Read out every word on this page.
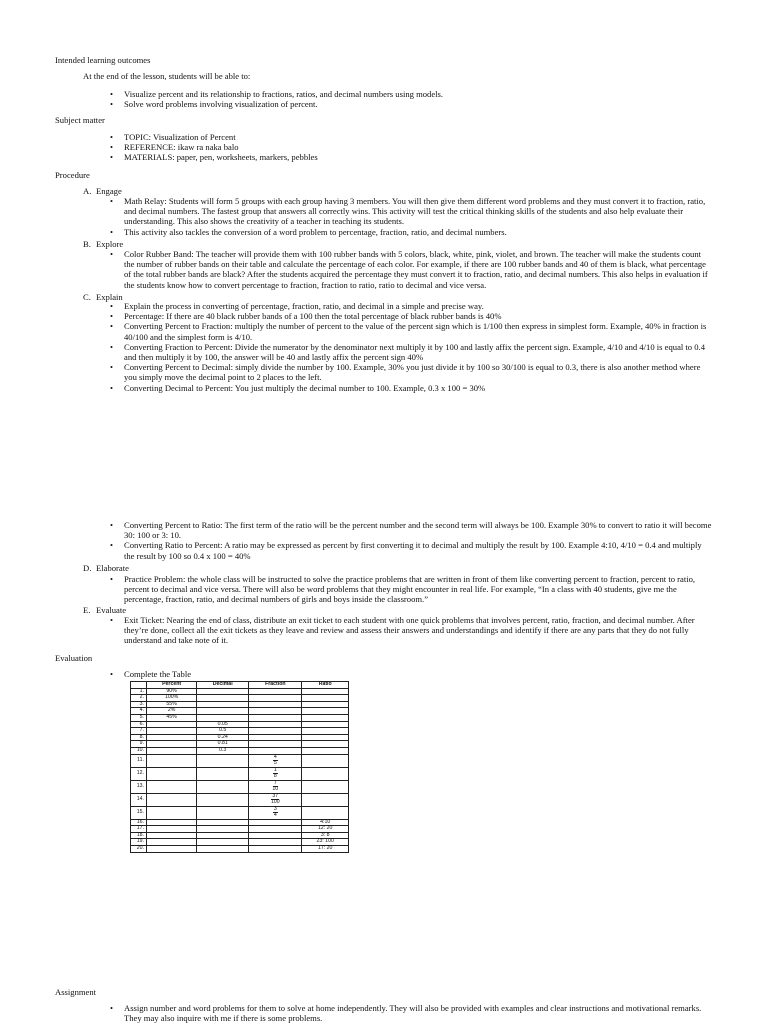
Intended learning outcomes
At the end of the lesson, students will be able to:

• Visualize percent and its relationship to fractions, ratios, and decimal numbers using models.

• Solve word problems involving visualization of percent.

Subject matter

• TOPIC: Visualization of Percent

• REFERENCE: ikaw ra naka balo

• MATERIALS: paper, pen, worksheets, markers, pebbles

Procedure
A. Engage

• Math Relay: Students will form 5 groups with each group having 3 members. You will then give them different word problems and they must convert it to fraction, ratio, and decimal numbers. The fastest group that answers all correctly wins. This activity will test the critical thinking skills of the students and also help evaluate their understanding. This also shows the creativity of a teacher in teaching its students.

• This activity also tackles the conversion of a word problem to percentage, fraction, ratio, and decimal numbers.

B. Explore

• Color Rubber Band: The teacher will provide them with 100 rubber bands with 5 colors, black, white, pink, violet, and brown. The teacher will make the students count the number of rubber bands on their table and calculate the percentage of each color. For example, if there are 100 rubber bands and 40 of them is black, what percentage of the total rubber bands are black? After the students acquired the percentage they must convert it to fraction, ratio, and decimal numbers. This also helps in evaluation if the students know how to convert percentage to fraction, fraction to ratio, ratio to decimal and vice versa.

C. Explain

• Explain the process in converting of percentage, fraction, ratio, and decimal in a simple and precise way.

• Percentage: If there are 40 black rubber bands of a 100 then the total percentage of black rubber bands is 40%

• Converting Percent to Fraction: multiply the number of percent to the value of the percent sign which is 1/100 then express in simplest form. Example, 40% in fraction is 40/100 and the simplest form is 4/10.

• Converting Fraction to Percent: Divide the numerator by the denominator next multiply it by 100 and lastly affix the percent sign. Example, 4/10 and 4/10 is equal to 0.4 and then multiply it by 100, the answer will be 40 and lastly affix the percent sign 40%

• Converting Percent to Decimal: simply divide the number by 100. Example, 30% you just divide it by 100 so 30/100 is equal to 0.3, there is also another method where you simply move the decimal point to 2 places to the left.

• Converting Decimal to Percent: You just multiply the decimal number to 100. Example, 0.3 x 100 = 30%

• Converting Percent to Ratio: The first term of the ratio will be the percent number and the second term will always be 100. Example 30% to convert to ratio it will become 30: 100 or 3: 10.

• Converting Ratio to Percent: A ratio may be expressed as percent by first converting it to decimal and multiply the result by 100. Example 4:10, 4/10 = 0.4 and multiply the result by 100 so 0.4 x 100 = 40%

D. Elaborate

• Practice Problem: the whole class will be instructed to solve the practice problems that are written in front of them like converting percent to fraction, percent to ratio, percent to decimal and vice versa. There will also be word problems that they might encounter in real life. For example, “In a class with 40 students, give me the percentage, fraction, ratio, and decimal numbers of girls and boys inside the classroom.”

E. Evaluate

• Exit Ticket: Nearing the end of class, distribute an exit ticket to each student with one quick problems that involves percent, ratio, fraction, and decimal number. After they’re done, collect all the exit tickets as they leave and review and assess their answers and understandings and identify if there are any parts that they do not fully understand and take note of it.

Evaluation

• Complete the Table

	Percent	Decimal	Fraction	Ratio
1.	90%			
2.	100%			
3.	55%			
4.	2%			
5.	45%			
6.		0.05		
7.		0.5		
8.		0.24		
9.		0.81		
10.		0.3		
11.			$\frac{4}{5}$

12.			$\frac{1}{8}$

13.			$\frac{7}{10}$

14.			$\frac{37}{100}$

15.			$\frac{3}{4}$

16.				4:10
17.				12: 20
18.				3: 8
19.				23: 100
20.				17: 20
Assignment

• Assign number and word problems for them to solve at home independently. They will also be provided with examples and clear instructions and motivational remarks. They may also inquire with me if there is some problems.
